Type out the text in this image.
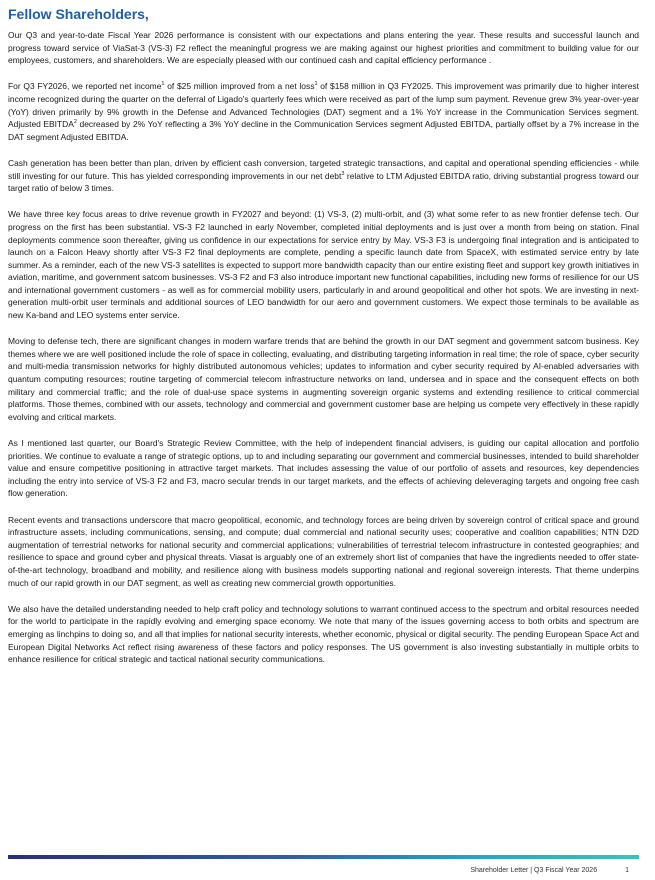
Fellow Shareholders,

Our Q3 and year-to-date Fiscal Year 2026 performance is consistent with our expectations and plans entering the year. These results and successful launch and progress toward service of ViaSat-3 (VS-3) F2 reflect the meaningful progress we are making against our highest priorities and commitment to building value for our employees, customers, and shareholders. We are especially pleased with our continued cash and capital efficiency performance .

For Q3 FY2026, we reported net income$^1$ of $25 million improved from a net loss$^1$ of $158 million in Q3 FY2025. This improvement was primarily due to higher interest income recognized during the quarter on the deferral of Ligado's quarterly fees which were received as part of the lump sum payment. Revenue grew 3% year-over-year (YoY) driven primarily by 9% growth in the Defense and Advanced Technologies (DAT) segment and a 1% YoY increase in the Communication Services segment. Adjusted EBITDA$^2$ decreased by 2% YoY reflecting a 3% YoY decline in the Communication Services segment Adjusted EBITDA, partially offset by a 7% increase in the DAT segment Adjusted EBITDA.

Cash generation has been better than plan, driven by efficient cash conversion, targeted strategic transactions, and capital and operational spending efficiencies - while still investing for our future. This has yielded corresponding improvements in our net debt$^3$ relative to LTM Adjusted EBITDA ratio, driving substantial progress toward our target ratio of below 3 times.

We have three key focus areas to drive revenue growth in FY2027 and beyond: (1) VS-3, (2) multi-orbit, and (3) what some refer to as new frontier defense tech. Our progress on the first has been substantial. VS-3 F2 launched in early November, completed initial deployments and is just over a month from being on station. Final deployments commence soon thereafter, giving us confidence in our expectations for service entry by May. VS-3 F3 is undergoing final integration and is anticipated to launch on a Falcon Heavy shortly after VS-3 F2 final deployments are complete, pending a specific launch date from SpaceX, with estimated service entry by late summer. As a reminder, each of the new VS-3 satellites is expected to support more bandwidth capacity than our entire existing fleet and support key growth initiatives in aviation, maritime, and government satcom businesses. VS-3 F2 and F3 also introduce important new functional capabilities, including new forms of resilience for our US and international government customers - as well as for commercial mobility users, particularly in and around geopolitical and other hot spots. We are investing in next-generation multi-orbit user terminals and additional sources of LEO bandwidth for our aero and government customers. We expect those terminals to be available as new Ka-band and LEO systems enter service.

Moving to defense tech, there are significant changes in modern warfare trends that are behind the growth in our DAT segment and government satcom business. Key themes where we are well positioned include the role of space in collecting, evaluating, and distributing targeting information in real time; the role of space, cyber security and multi-media transmission networks for highly distributed autonomous vehicles; updates to information and cyber security required by AI-enabled adversaries with quantum computing resources; routine targeting of commercial telecom infrastructure networks on land, undersea and in space and the consequent effects on both military and commercial traffic; and the role of dual-use space systems in augmenting sovereign organic systems and extending resilience to critical commercial platforms. Those themes, combined with our assets, technology and commercial and government customer base are helping us compete very effectively in these rapidly evolving and critical markets.

As I mentioned last quarter, our Board's Strategic Review Committee, with the help of independent financial advisers, is guiding our capital allocation and portfolio priorities. We continue to evaluate a range of strategic options, up to and including separating our government and commercial businesses, intended to build shareholder value and ensure competitive positioning in attractive target markets. That includes assessing the value of our portfolio of assets and resources, key dependencies including the entry into service of VS-3 F2 and F3, macro secular trends in our target markets, and the effects of achieving deleveraging targets and ongoing free cash flow generation.

Recent events and transactions underscore that macro geopolitical, economic, and technology forces are being driven by sovereign control of critical space and ground infrastructure assets, including communications, sensing, and compute; dual commercial and national security uses; cooperative and coalition capabilities; NTN D2D augmentation of terrestrial networks for national security and commercial applications; vulnerabilities of terrestrial telecom infrastructure in contested geographies; and resilience to space and ground cyber and physical threats. Viasat is arguably one of an extremely short list of companies that have the ingredients needed to offer state-of-the-art technology, broadband and mobility, and resilience along with business models supporting national and regional sovereign interests. That theme underpins much of our rapid growth in our DAT segment, as well as creating new commercial growth opportunities.

We also have the detailed understanding needed to help craft policy and technology solutions to warrant continued access to the spectrum and orbital resources needed for the world to participate in the rapidly evolving and emerging space economy. We note that many of the issues governing access to both orbits and spectrum are emerging as linchpins to doing so, and all that implies for national security interests, whether economic, physical or digital security. The pending European Space Act and European Digital Networks Act reflect rising awareness of these factors and policy responses. The US government is also investing substantially in multiple orbits to enhance resilience for critical strategic and tactical national security communications.

Shareholder Letter | Q3 Fiscal Year 2026	1
